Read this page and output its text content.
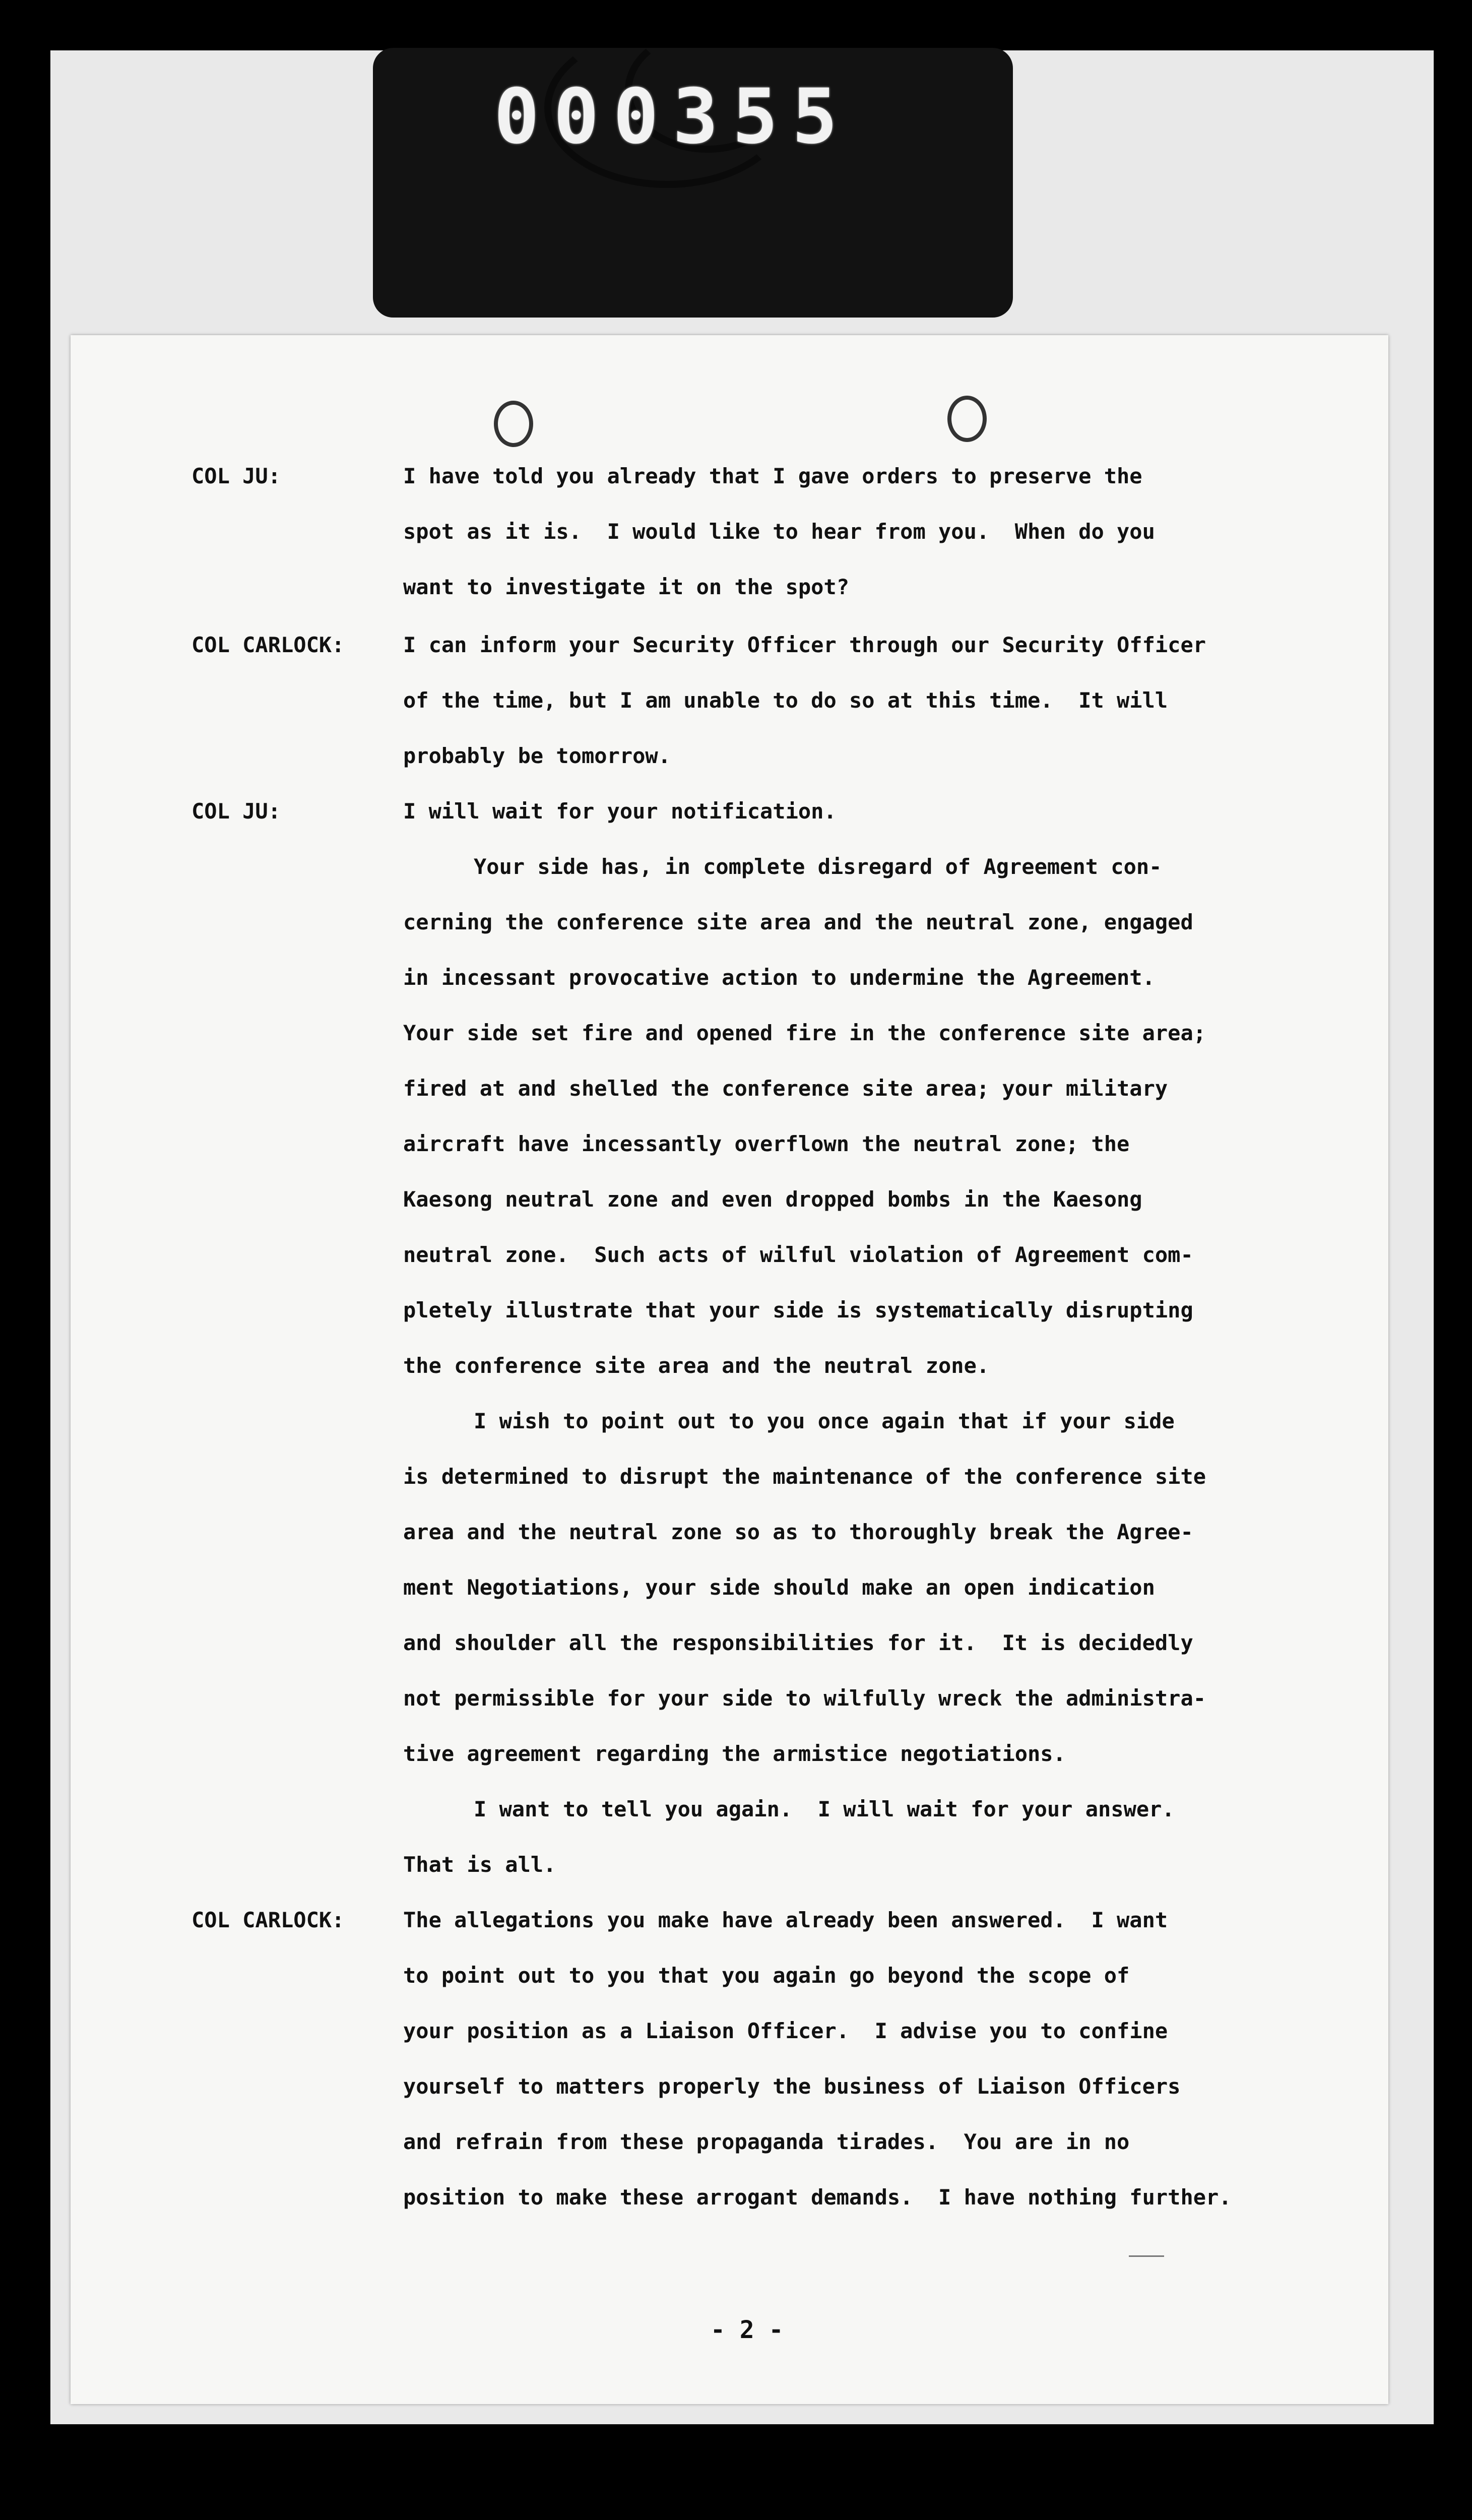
000355
COL JU:	I have told you already that I gave orders to preserve the
spot as it is.  I would like to hear from you.  When do you
want to investigate it on the spot?
COL CARLOCK:	I can inform your Security Officer through our Security Officer
of the time, but I am unable to do so at this time.  It will
probably be tomorrow.
COL JU:	I will wait for your notification.
Your side has, in complete disregard of Agreement con-
cerning the conference site area and the neutral zone, engaged
in incessant provocative action to undermine the Agreement.
Your side set fire and opened fire in the conference site area;
fired at and shelled the conference site area; your military
aircraft have incessantly overflown the neutral zone; the
Kaesong neutral zone and even dropped bombs in the Kaesong
neutral zone.  Such acts of wilful violation of Agreement com-
pletely illustrate that your side is systematically disrupting
the conference site area and the neutral zone.
I wish to point out to you once again that if your side
is determined to disrupt the maintenance of the conference site
area and the neutral zone so as to thoroughly break the Agree-
ment Negotiations, your side should make an open indication
and shoulder all the responsibilities for it.  It is decidedly
not permissible for your side to wilfully wreck the administra-
tive agreement regarding the armistice negotiations.
I want to tell you again.  I will wait for your answer.
That is all.
COL CARLOCK:	The allegations you make have already been answered.  I want
to point out to you that you again go beyond the scope of
your position as a Liaison Officer.  I advise you to confine
yourself to matters properly the business of Liaison Officers
and refrain from these propaganda tirades.  You are in no
position to make these arrogant demands.  I have nothing further.
- 2 -
